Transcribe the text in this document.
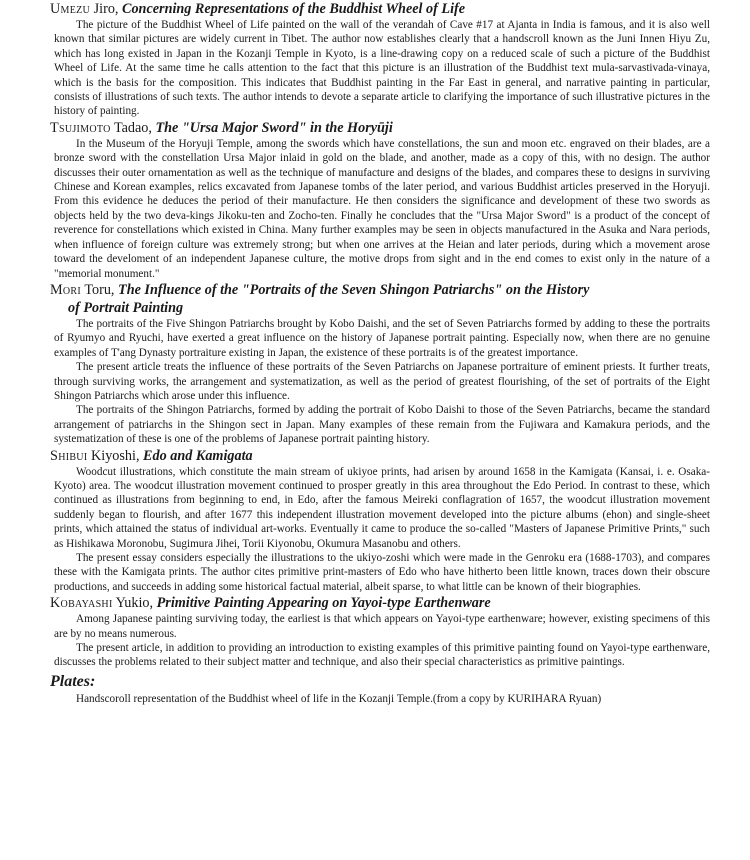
Umezu Jiro, Concerning Representations of the Buddhist Wheel of Life

The picture of the Buddhist Wheel of Life painted on the wall of the verandah of Cave #17 at Ajanta in India is famous, and it is also well known that similar pictures are widely current in Tibet. The author now establishes clearly that a handscroll known as the Juni Innen Hiyu Zu, which has long existed in Japan in the Kozanji Temple in Kyoto, is a line-drawing copy on a reduced scale of such a picture of the Buddhist Wheel of Life. At the same time he calls attention to the fact that this picture is an illustration of the Buddhist text mula-sarvastivada-vinaya, which is the basis for the composition. This indicates that Buddhist painting in the Far East in general, and narrative painting in particular, consists of illustrations of such texts. The author intends to devote a separate article to clarifying the importance of such illustrative pictures in the history of painting.

Tsujimoto Tadao, The "Ursa Major Sword" in the Horyūji

In the Museum of the Horyuji Temple, among the swords which have constellations, the sun and moon etc. engraved on their blades, are a bronze sword with the constellation Ursa Major inlaid in gold on the blade, and another, made as a copy of this, with no design. The author discusses their outer ornamentation as well as the technique of manufacture and designs of the blades, and compares these to designs in surviving Chinese and Korean examples, relics excavated from Japanese tombs of the later period, and various Buddhist articles preserved in the Horyuji. From this evidence he deduces the period of their manufacture. He then considers the significance and development of these two swords as objects held by the two deva-kings Jikoku-ten and Zocho-ten. Finally he concludes that the "Ursa Major Sword" is a product of the concept of reverence for constellations which existed in China. Many further examples may be seen in objects manufactured in the Asuka and Nara periods, when influence of foreign culture was extremely strong; but when one arrives at the Heian and later periods, during which a movement arose toward the develoment of an independent Japanese culture, the motive drops from sight and in the end comes to exist only in the nature of a "memorial monument."

Mori Toru, The Influence of the "Portraits of the Seven Shingon Patriarchs" on the History
of Portrait Painting

The portraits of the Five Shingon Patriarchs brought by Kobo Daishi, and the set of Seven Patriarchs formed by adding to these the portraits of Ryumyo and Ryuchi, have exerted a great influence on the history of Japanese portrait painting. Especially now, when there are no genuine examples of T'ang Dynasty portraiture existing in Japan, the existence of these portraits is of the greatest importance.

The present article treats the influence of these portraits of the Seven Patriarchs on Japanese portraiture of eminent priests. It further treats, through surviving works, the arrangement and systematization, as well as the period of greatest flourishing, of the set of portraits of the Eight Shingon Patriarchs which arose under this influence.

The portraits of the Shingon Patriarchs, formed by adding the portrait of Kobo Daishi to those of the Seven Patriarchs, became the standard arrangement of patriarchs in the Shingon sect in Japan. Many examples of these remain from the Fujiwara and Kamakura periods, and the systematization of these is one of the problems of Japanese portrait painting history.

Shibui Kiyoshi, Edo and Kamigata

Woodcut illustrations, which constitute the main stream of ukiyoe prints, had arisen by around 1658 in the Kamigata (Kansai, i. e. Osaka-Kyoto) area. The woodcut illustration movement continued to prosper greatly in this area throughout the Edo Period. In contrast to these, which continued as illustrations from beginning to end, in Edo, after the famous Meireki conflagration of 1657, the woodcut illustration movement suddenly began to flourish, and after 1677 this independent illustration movement developed into the picture albums (ehon) and single-sheet prints, which attained the status of individual art-works. Eventually it came to produce the so-called "Masters of Japanese Primitive Prints," such as Hishikawa Moronobu, Sugimura Jihei, Torii Kiyonobu, Okumura Masanobu and others.

The present essay considers especially the illustrations to the ukiyo-zoshi which were made in the Genroku era (1688-1703), and compares these with the Kamigata prints. The author cites primitive print-masters of Edo who have hitherto been little known, traces down their obscure productions, and succeeds in adding some historical factual material, albeit sparse, to what little can be known of their biographies.

Kobayashi Yukio, Primitive Painting Appearing on Yayoi-type Earthenware

Among Japanese painting surviving today, the earliest is that which appears on Yayoi-type earthenware; however, existing specimens of this are by no means numerous.

The present article, in addition to providing an introduction to existing examples of this primitive painting found on Yayoi-type earthenware, discusses the problems related to their subject matter and technique, and also their special characteristics as primitive paintings.

Plates:

Handscoroll representation of the Buddhist wheel of life in the Kozanji Temple.(from a copy by KURIHARA Ryuan)
